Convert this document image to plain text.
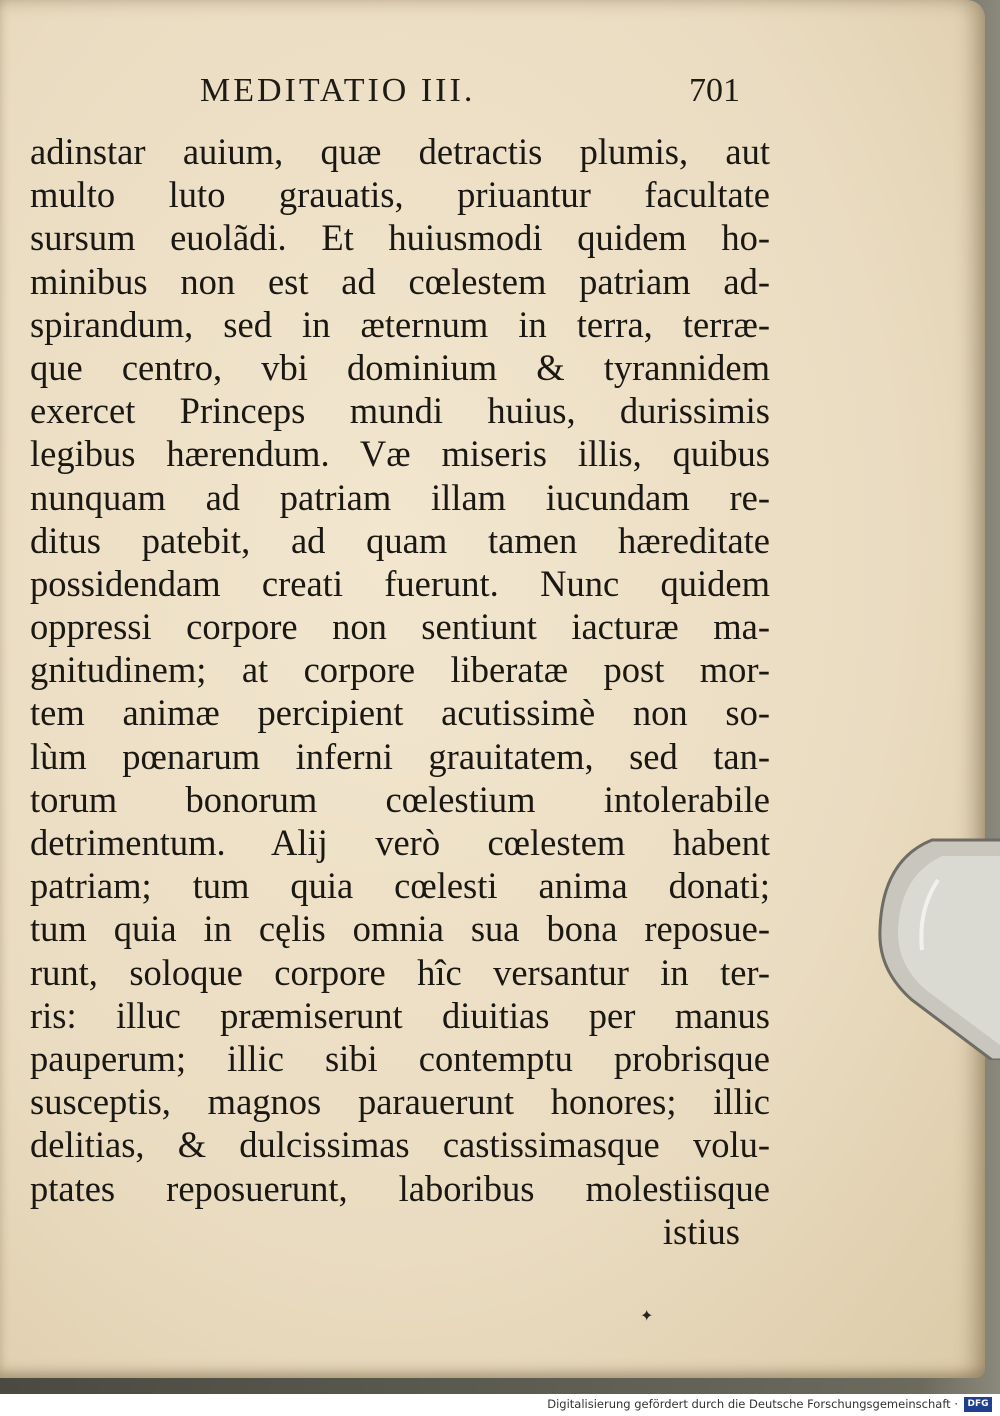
MEDITATIO III.	701
adinstar auium, quæ detractis plumis, aut
multo luto grauatis, priuantur facultate
sursum euolãdi. Et huiusmodi quidem ho-
minibus non est ad cœlestem patriam ad-
spirandum, sed in æternum in terra, terræ-
que centro, vbi dominium & tyrannidem
exercet Princeps mundi huius, durissimis
legibus hærendum. Væ miseris illis, quibus
nunquam ad patriam illam iucundam re-
ditus patebit, ad quam tamen hæreditate
possidendam creati fuerunt. Nunc quidem
oppressi corpore non sentiunt iacturæ ma-
gnitudinem; at corpore liberatæ post mor-
tem animæ percipient acutissimè non so-
lùm pœnarum inferni grauitatem, sed tan-
torum bonorum cœlestium intolerabile
detrimentum. Alij verò cœlestem habent
patriam; tum quia cœlesti anima donati;
tum quia in cęlis omnia sua bona reposue-
runt, soloque corpore hîc versantur in ter-
ris: illuc præmiserunt diuitias per manus
pauperum; illic sibi contemptu probrisque
susceptis, magnos parauerunt honores; illic
delitias, & dulcissimas castissimasque volu-
ptates reposuerunt, laboribus molestiisque
istius
✦
Digitalisierung gefördert durch die Deutsche Forschungsgemeinschaft ·	DFG
